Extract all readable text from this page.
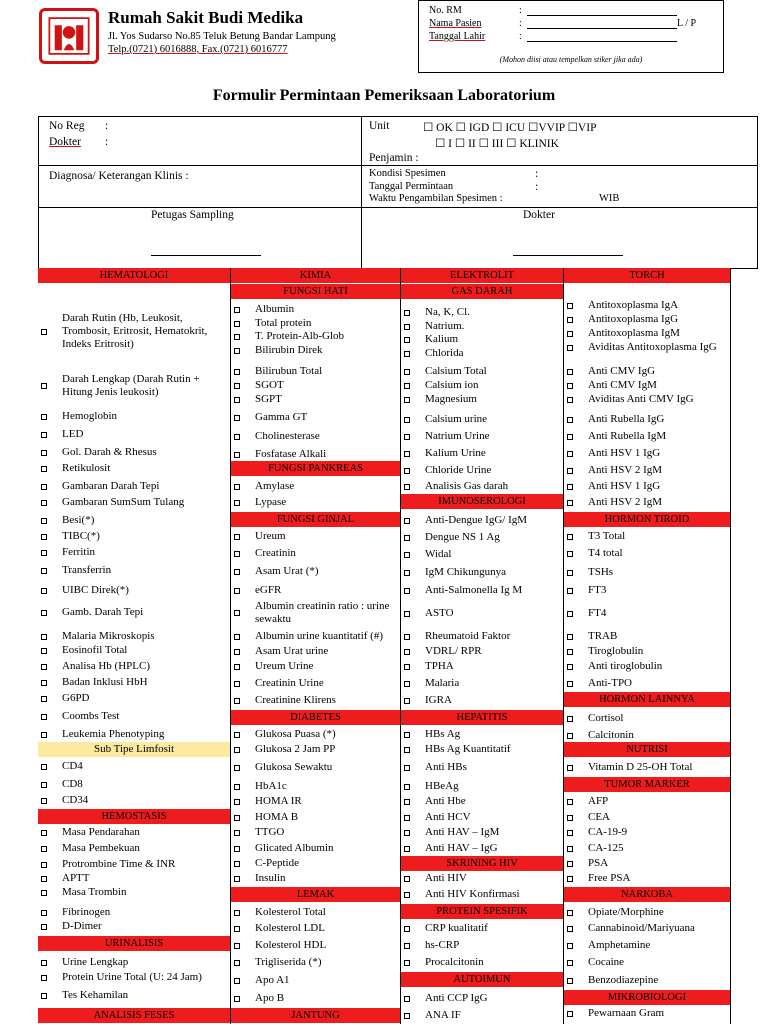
Rumah Sakit Budi Medika
Jl. Yos Sudarso No.85 Teluk Betung Bandar Lampung
Telp.(0721) 6016888, Fax.(0721) 6016777
No. RM	:
Nama Pasien	:	L / P
Tanggal Lahir	:
(Mohon diisi atau tempelkan stiker jika ada)
Formulir Permintaan Pemeriksaan Laboratorium
No Reg :
Dokter :
Unit	☐ OK ☐ IGD ☐ ICU ☐VVIP ☐VIP
☐ I ☐ II ☐ III ☐ KLINIK
Penjamin :
Diagnosa/ Keterangan Klinis :	Kondisi Spesimen	:
Tanggal Permintaan	:
Waktu Pengambilan Spesimen :	WIB
Petugas Sampling	Dokter
HEMATOLOGI
Darah Rutin (Hb, Leukosit, Trombosit, Eritrosit, Hematokrit, Indeks Eritrosit)
Darah Lengkap (Darah Rutin + Hitung Jenis leukosit)
Hemoglobin
LED
Gol. Darah & Rhesus
Retikulosit
Gambaran Darah Tepi
Gambaran SumSum Tulang
Besi(*)
TIBC(*)
Ferritin
Transferrin
UIBC Direk(*)
Gamb. Darah Tepi
Malaria Mikroskopis
Eosinofil Total
Analisa Hb (HPLC)
Badan Inklusi HbH
G6PD
Coombs Test
Leukemia Phenotyping
Sub Tipe Limfosit
CD4
CD8
CD34
HEMOSTASIS
Masa Pendarahan
Masa Pembekuan
Protrombine Time & INR
APTT
Masa Trombin
Fibrinogen
D-Dimer
URINALISIS
Urine Lengkap
Protein Urine Total (U: 24 Jam)
Tes Kehamilan
ANALISIS FESES
KIMIA
FUNGSI HATI
Albumin
Total protein
T. Protein-Alb-Glob
Bilirubin Direk
Bilirubun Total
SGOT
SGPT
Gamma GT
Cholinesterase
Fosfatase Alkali
FUNGSI PANKREAS
Amylase
Lypase
FUNGSI GINJAL
Ureum
Creatinin
Asam Urat (*)
eGFR
Albumin creatinin ratio : urine sewaktu
Albumin urine kuantitatif (#)
Asam Urat urine
Ureum Urine
Creatinin Urine
Creatinine Klirens
DIABETES
Glukosa Puasa (*)
Glukosa 2 Jam PP
Glukosa Sewaktu
HbA1c
HOMA IR
HOMA B
TTGO
Glicated Albumin
C-Peptide
Insulin
LEMAK
Kolesterol Total
Kolesterol LDL
Kolesterol HDL
Trigliserida (*)
Apo A1
Apo B
JANTUNG
ELEKTROLIT
GAS DARAH
Na, K, Cl.
Natrium.
Kalium
Chlorida
Calsium Total
Calsium ion
Magnesium
Calsium urine
Natrium Urine
Kalium Urine
Chloride Urine
Analisis Gas darah
IMUNOSEROLOGI
Anti-Dengue IgG/ IgM
Dengue NS 1 Ag
Widal
IgM Chikungunya
Anti-Salmonella Ig M
ASTO
Rheumatoid Faktor
VDRL/ RPR
TPHA
Malaria
IGRA
HEPATITIS
HBs Ag
HBs Ag Kuantitatif
Anti HBs
HBeAg
Anti Hbe
Anti HCV
Anti HAV – IgM
Anti HAV – IgG
SKRINING HIV
Anti HIV
Anti HIV Konfirmasi
PROTEIN SPESIFIK
CRP kualitatif
hs-CRP
Procalcitonin
AUTOIMUN
Anti CCP IgG
ANA IF
TORCH
Antitoxoplasma IgA
Antitoxoplasma IgG
Antitoxoplasma IgM
Aviditas Antitoxoplasma IgG
Anti CMV IgG
Anti CMV IgM
Aviditas Anti CMV IgG
Anti Rubella IgG
Anti Rubella IgM
Anti HSV 1 IgG
Anti HSV 2 IgM
Anti HSV 1 IgG
Anti HSV 2 IgM
HORMON TIROID
T3 Total
T4 total
TSHs
FT3
FT4
TRAB
Tiroglobulin
Anti tiroglobulin
Anti-TPO
HORMON LAINNYA
Cortisol
Calcitonin
NUTRISI
Vitamin D 25-OH Total
TUMOR MARKER
AFP
CEA
CA-19-9
CA-125
PSA
Free PSA
NARKOBA
Opiate/Morphine
Cannabinoid/Mariyuana
Amphetamine
Cocaine
Benzodiazepine
MIKROBIOLOGI
Pewarnaan Gram
